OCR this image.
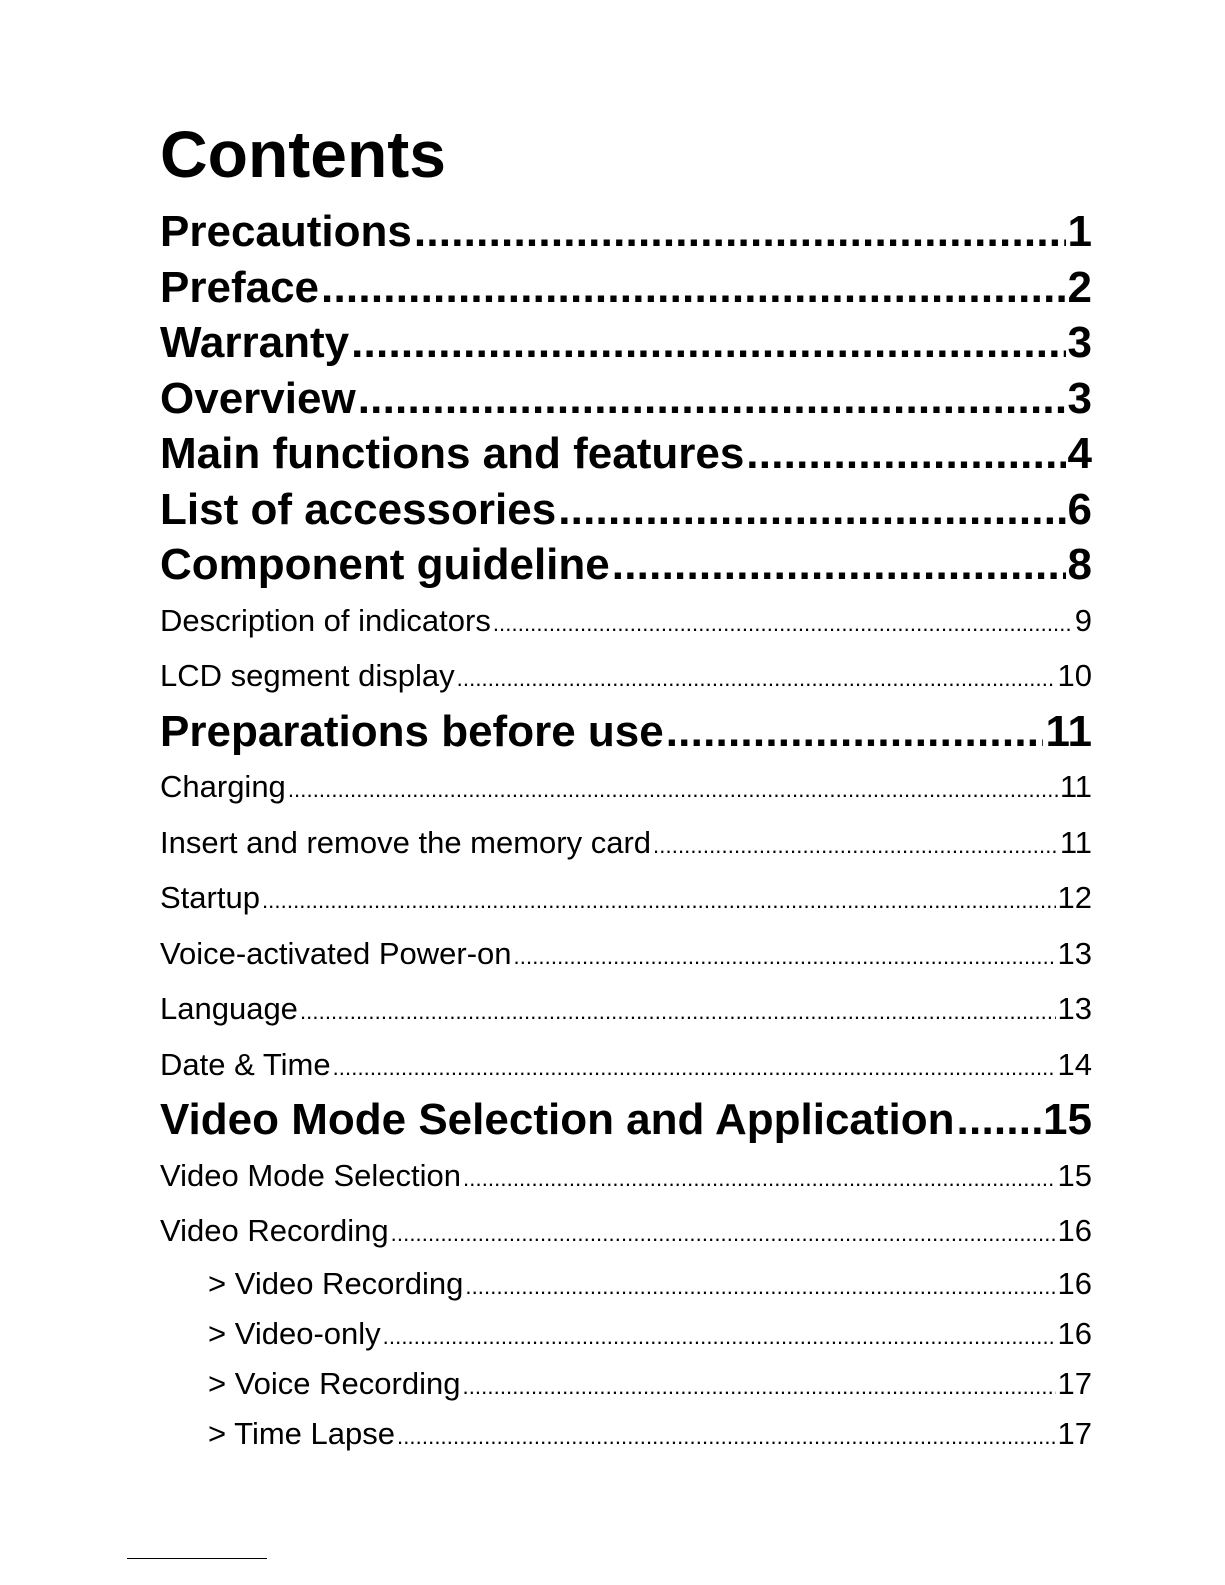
Contents
Precautions . . .	1
Preface . . .	2
Warranty . . .	3
Overview . . .	3
Main functions and features . . .	4
List of accessories . . .	6
Component guideline . . .	8
Description of indicators . . .	9
LCD segment display . . .	10
Preparations before use . . .	11
Charging . . .	11
Insert and remove the memory card . . .	11
Startup . . .	12
Voice-activated Power-on . . .	13
Language . . .	13
Date & Time . . .	14
Video Mode Selection and Application . . . 15
Video Mode Selection . . .	15
Video Recording . . .	16
> Video Recording . . .	16
> Video-only . . .	16
> Voice Recording . . .	17
> Time Lapse . . .	17
